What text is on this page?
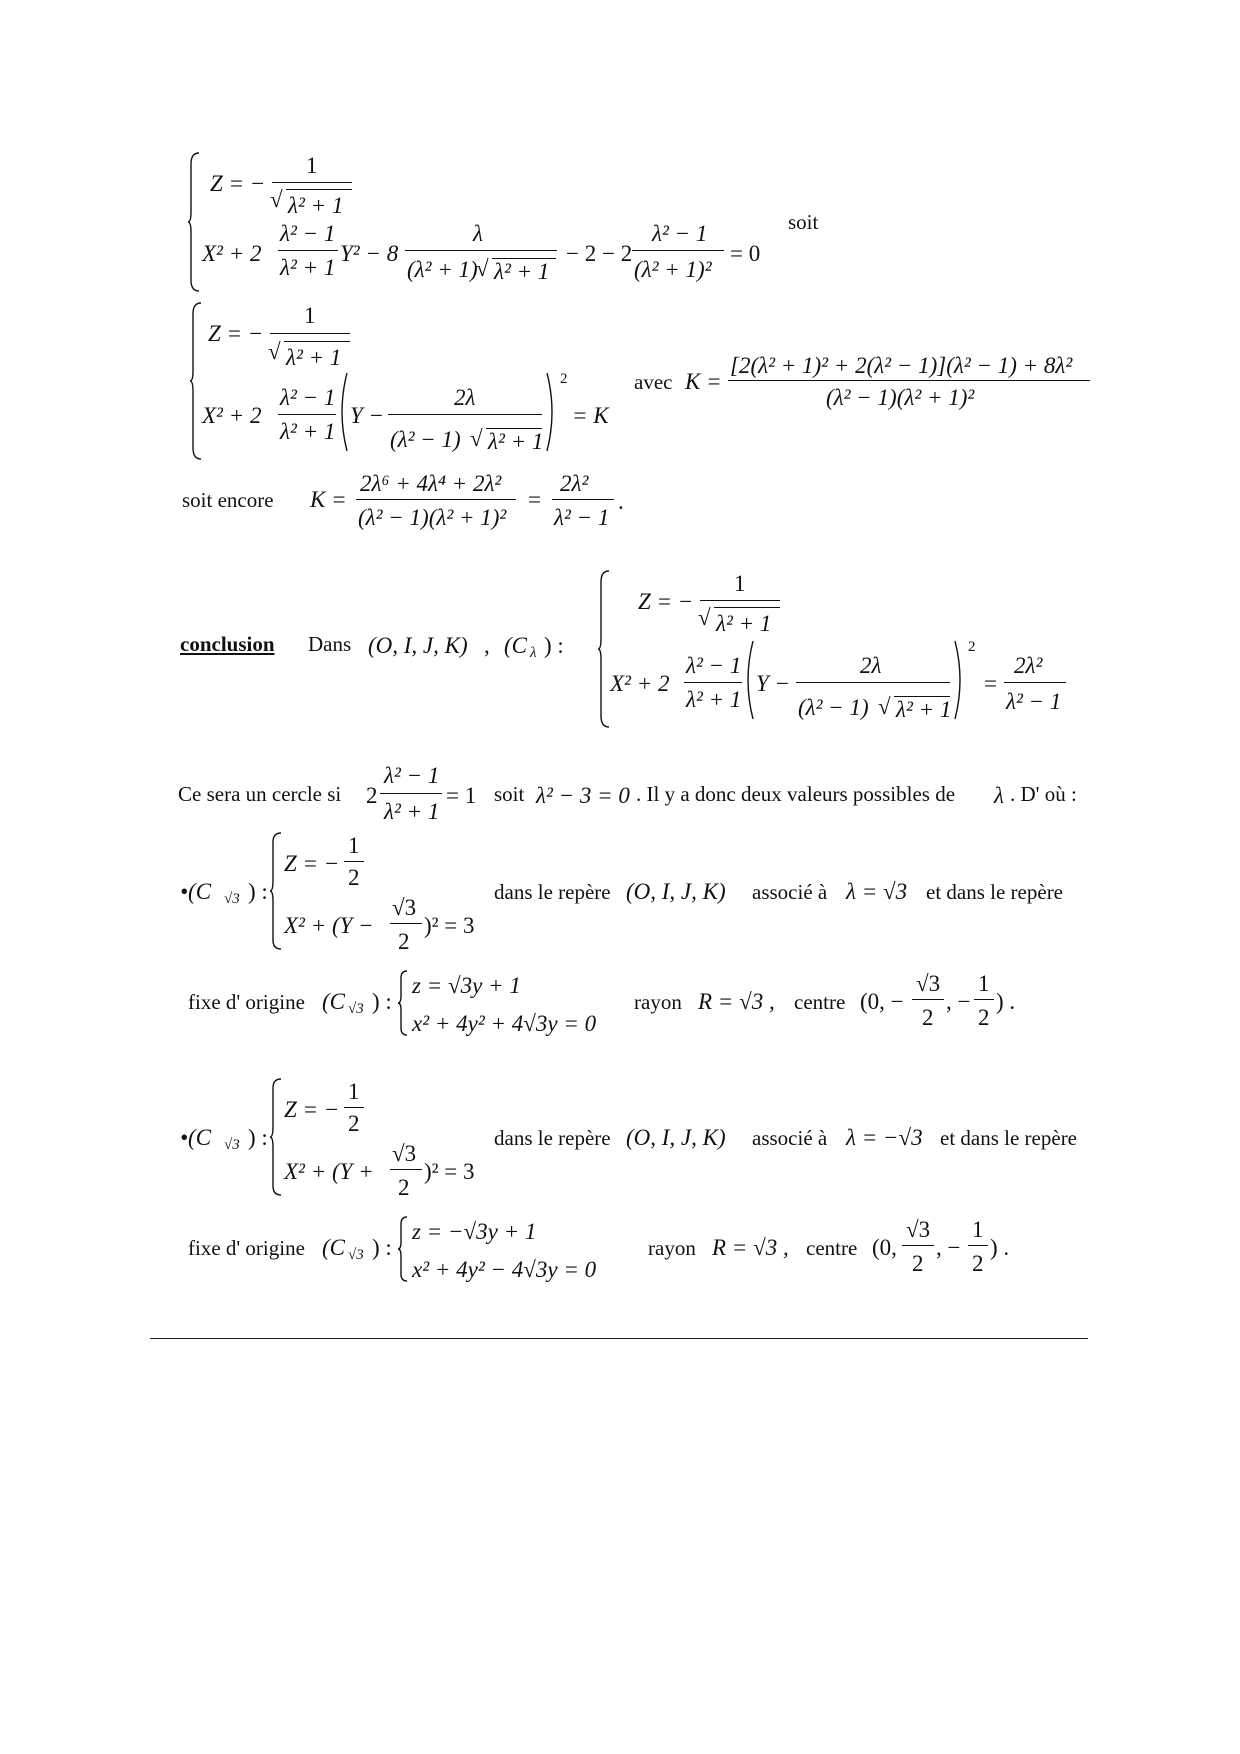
Z = −
1
√ λ² + 1
X² + 2
λ² − 1
λ² + 1
Y² − 8
λ
(λ² + 1)
√ λ² + 1
− 2 − 2
λ² − 1
(λ² + 1)²
= 0
soit
Z = −
1
√ λ² + 1
X² + 2
λ² − 1
λ² + 1
Y −
2λ
(λ² − 1) √ λ² + 1
2
= K
avec K =
[2(λ² + 1)² + 2(λ² − 1)](λ² − 1) + 8λ²
(λ² − 1)(λ² + 1)²
soit encore K =
2λ⁶ + 4λ⁴ + 2λ²
(λ² − 1)(λ² + 1)²
=
2λ²
λ² − 1
.
conclusion Dans (O, I, J, K) , (C λ ) :
Z = −
1
√ λ² + 1
X² + 2
λ² − 1
λ² + 1
Y −
2λ
(λ² − 1) √ λ² + 1
2
=
2λ²
λ² − 1
Ce sera un cercle si 2
λ² − 1
λ² + 1
= 1 soit λ² − 3 = 0 . Il y a donc deux valeurs possibles de λ . D' où :
•(C √3 ) :
Z = −
1
2
X² + (Y −
√3
2
)² = 3
dans le repère (O, I, J, K) associé à λ = √3 et dans le repère
fixe d' origine (C √3 ) :
z = √3y + 1
x² + 4y² + 4√3y = 0
rayon R = √3 , centre (0, −
√3
2
, −
1
2
) .
•(C √3 ) :
Z = −
1
2
X² + (Y +
√3
2
)² = 3
dans le repère (O, I, J, K) associé à λ = −√3 et dans le repère
fixe d' origine (C √3 ) :
z = −√3y + 1
x² + 4y² − 4√3y = 0
rayon R = √3 , centre (0,
√3
2
, −
1
2
) .
